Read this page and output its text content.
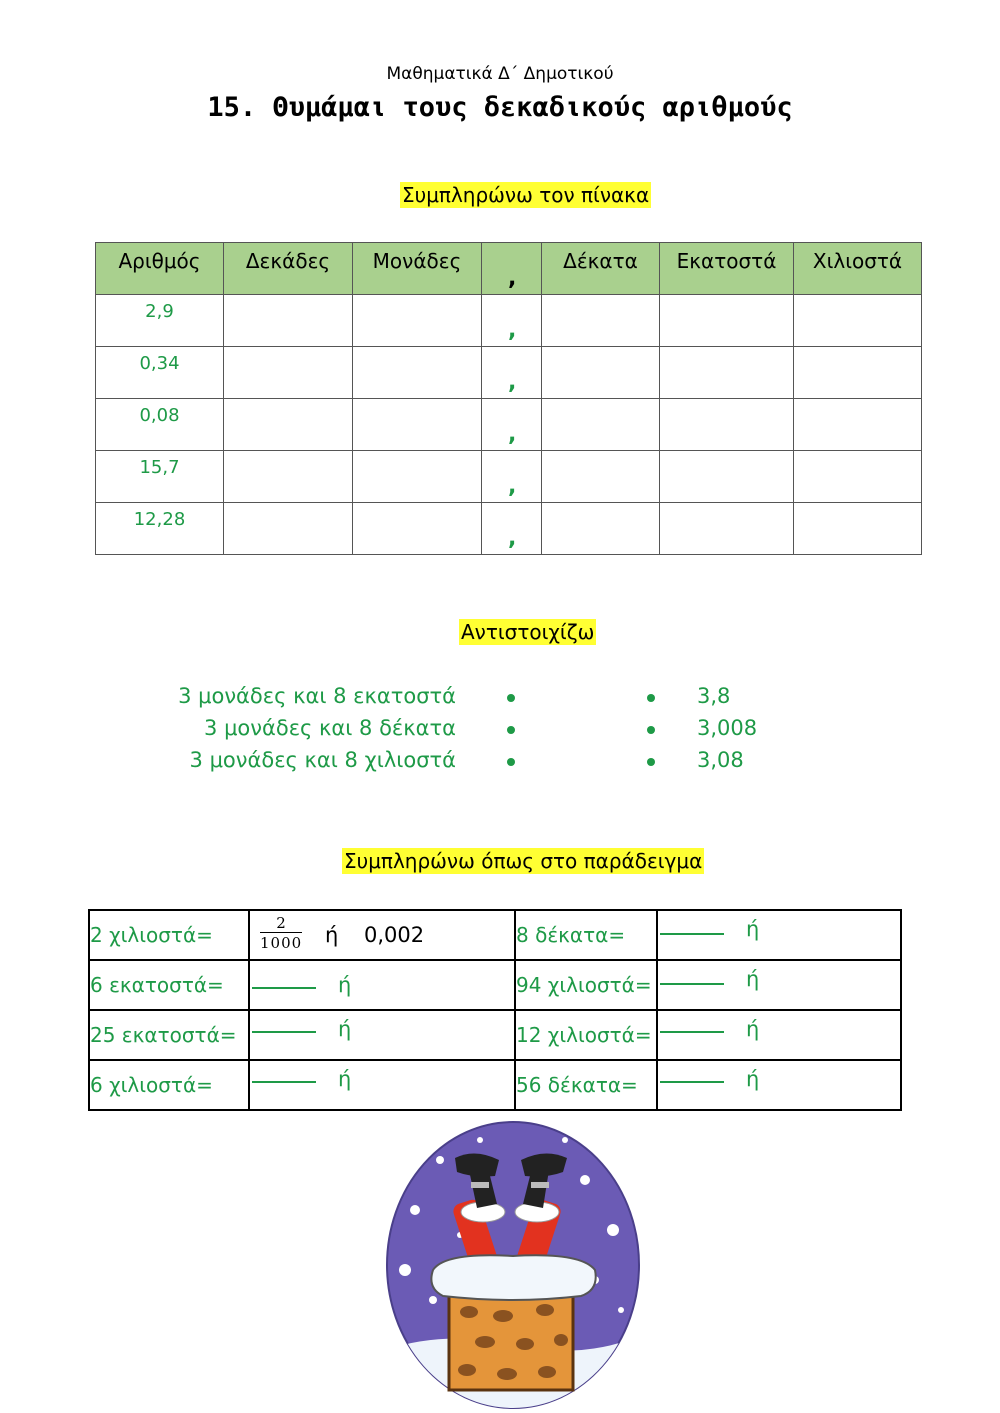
Μαθηματικά Δ΄ Δημοτικού
15. Θυμάμαι τους δεκαδικούς αριθμούς
Συμπληρώνω τον πίνακα
Αριθμός	Δεκάδες	Μονάδες	,	Δέκατα	Εκατοστά	Χιλιοστά
2,9			,			

0,34			,			

0,08			,			

15,7			,			

12,28			,			

Αντιστοιχίζω
3 μονάδες και 8 εκατοστά
3 μονάδες και 8 δέκατα
3 μονάδες και 8 χιλιοστά
3,8
3,008
3,08
Συμπληρώνω όπως στο παράδειγμα
2 χιλιοστά=	$\frac{2}{1000}$ ή 0,002	8 δέκατα=	ή

6 εκατοστά=	ή	94 χιλιοστά=	ή

25 εκατοστά=	ή	12 χιλιοστά=	ή

6 χιλιοστά=	ή	56 δέκατα=	ή
